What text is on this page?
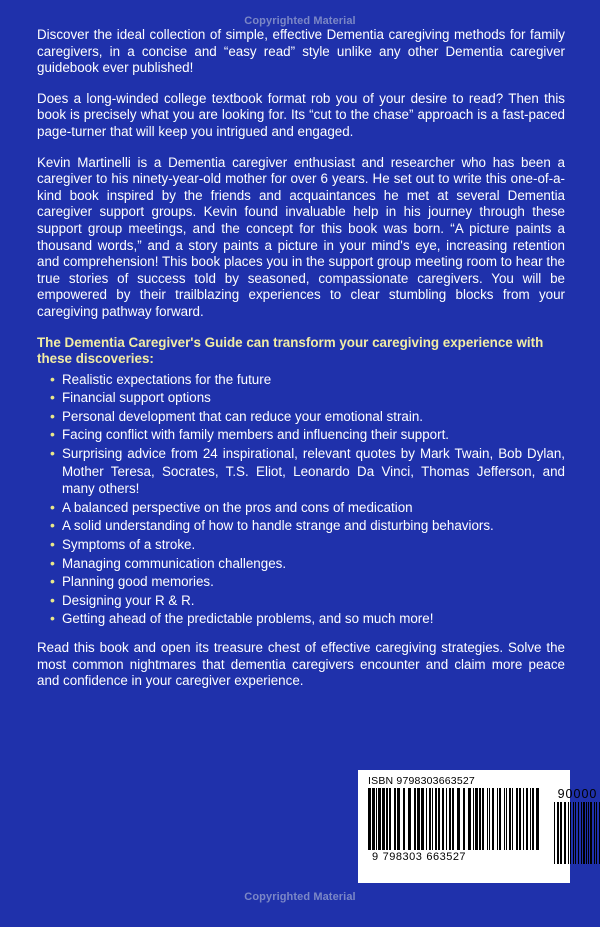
Copyrighted Material

Discover the ideal collection of simple, effective Dementia caregiving methods for family caregivers, in a concise and “easy read” style unlike any other Dementia caregiver guidebook ever published!

Does a long-winded college textbook format rob you of your desire to read? Then this book is precisely what you are looking for. Its “cut to the chase” approach is a fast-paced page-turner that will keep you intrigued and engaged.

Kevin Martinelli is a Dementia caregiver enthusiast and researcher who has been a caregiver to his ninety-year-old mother for over 6 years. He set out to write this one-of-a-kind book inspired by the friends and acquaintances he met at several Dementia caregiver support groups. Kevin found invaluable help in his journey through these support group meetings, and the concept for this book was born. “A picture paints a thousand words,” and a story paints a picture in your mind's eye, increasing retention and comprehension! This book places you in the support group meeting room to hear the true stories of success told by seasoned, compassionate caregivers. You will be empowered by their trailblazing experiences to clear stumbling blocks from your caregiving pathway forward.

The Dementia Caregiver's Guide can transform your caregiving experience with these discoveries:

• Realistic expectations for the future
• Financial support options
• Personal development that can reduce your emotional strain.
• Facing conflict with family members and influencing their support.
• Surprising advice from 24 inspirational, relevant quotes by Mark Twain, Bob Dylan, Mother Teresa, Socrates, T.S. Eliot, Leonardo Da Vinci, Thomas Jefferson, and many others!
• A balanced perspective on the pros and cons of medication
• A solid understanding of how to handle strange and disturbing behaviors.
• Symptoms of a stroke.
• Managing communication challenges.
• Planning good memories.
• Designing your R & R.
• Getting ahead of the predictable problems, and so much more!

Read this book and open its treasure chest of effective caregiving strategies. Solve the most common nightmares that dementia caregivers encounter and claim more peace and confidence in your caregiver experience.

ISBN 9798303663527
9 798303 663527
90000
Copyrighted Material
